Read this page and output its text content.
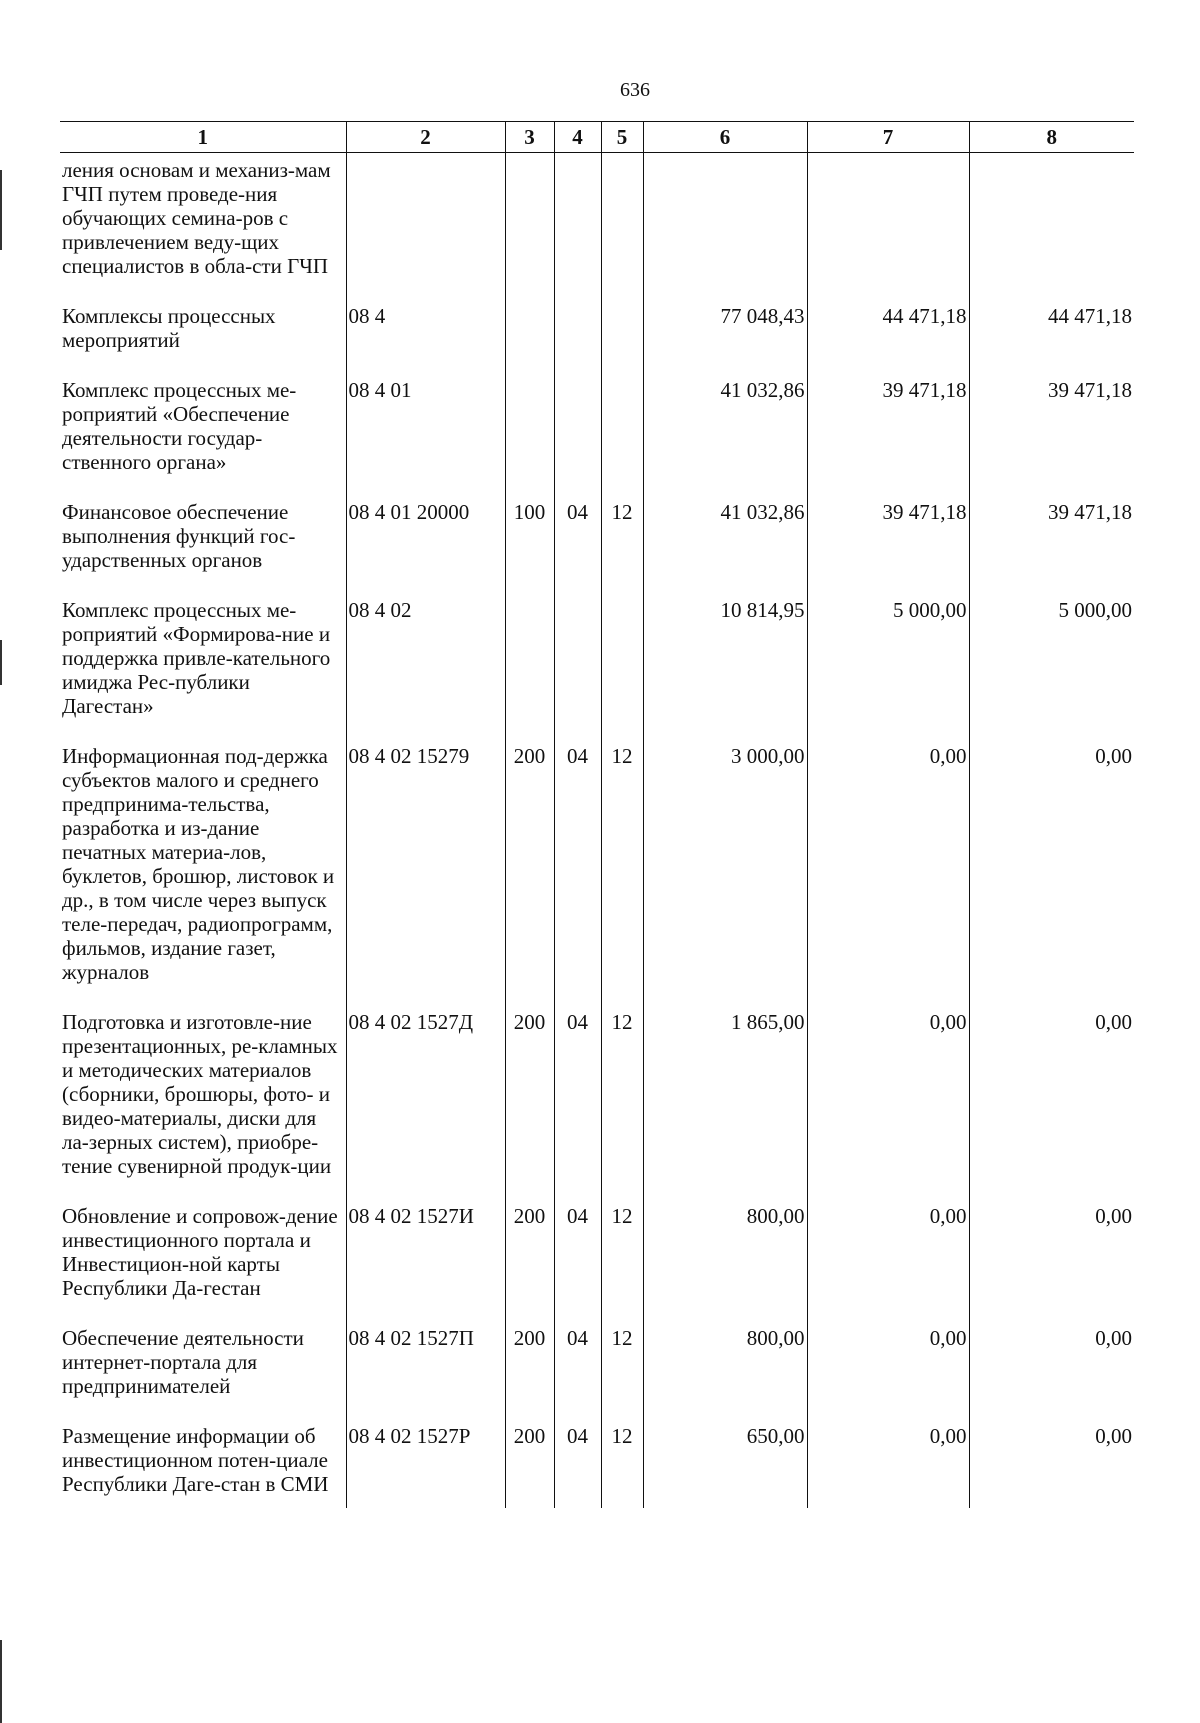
636
1	2	3	4	5	6	7	8
ления основам и механиз-мам ГЧП путем проведе-ния обучающих семина-ров с привлечением веду-щих специалистов в обла-сти ГЧП							
Комплексы процессных мероприятий	08 4				77 048,43	44 471,18	44 471,18
Комплекс процессных ме-роприятий «Обеспечение деятельности государ-ственного органа»	08 4 01				41 032,86	39 471,18	39 471,18
Финансовое обеспечение выполнения функций гос-ударственных органов	08 4 01 20000	100	04	12	41 032,86	39 471,18	39 471,18
Комплекс процессных ме-роприятий «Формирова-ние и поддержка привле-кательного имиджа Рес-публики Дагестан»	08 4 02				10 814,95	5 000,00	5 000,00
Информационная под-держка субъектов малого и среднего предпринима-тельства, разработка и из-дание печатных материа-лов, буклетов, брошюр, листовок и др., в том числе через выпуск теле-передач, радиопрограмм, фильмов, издание газет, журналов	08 4 02 15279	200	04	12	3 000,00	0,00	0,00
Подготовка и изготовле-ние презентационных, ре-кламных и методических материалов (сборники, брошюры, фото- и видео-материалы, диски для ла-зерных систем), приобре-тение сувенирной продук-ции	08 4 02 1527Д	200	04	12	1 865,00	0,00	0,00
Обновление и сопровож-дение инвестиционного портала и Инвестицион-ной карты Республики Да-гестан	08 4 02 1527И	200	04	12	800,00	0,00	0,00
Обеспечение деятельности интернет-портала для предпринимателей	08 4 02 1527П	200	04	12	800,00	0,00	0,00
Размещение информации об инвестиционном потен-циале Республики Даге-стан в СМИ	08 4 02 1527Р	200	04	12	650,00	0,00	0,00
